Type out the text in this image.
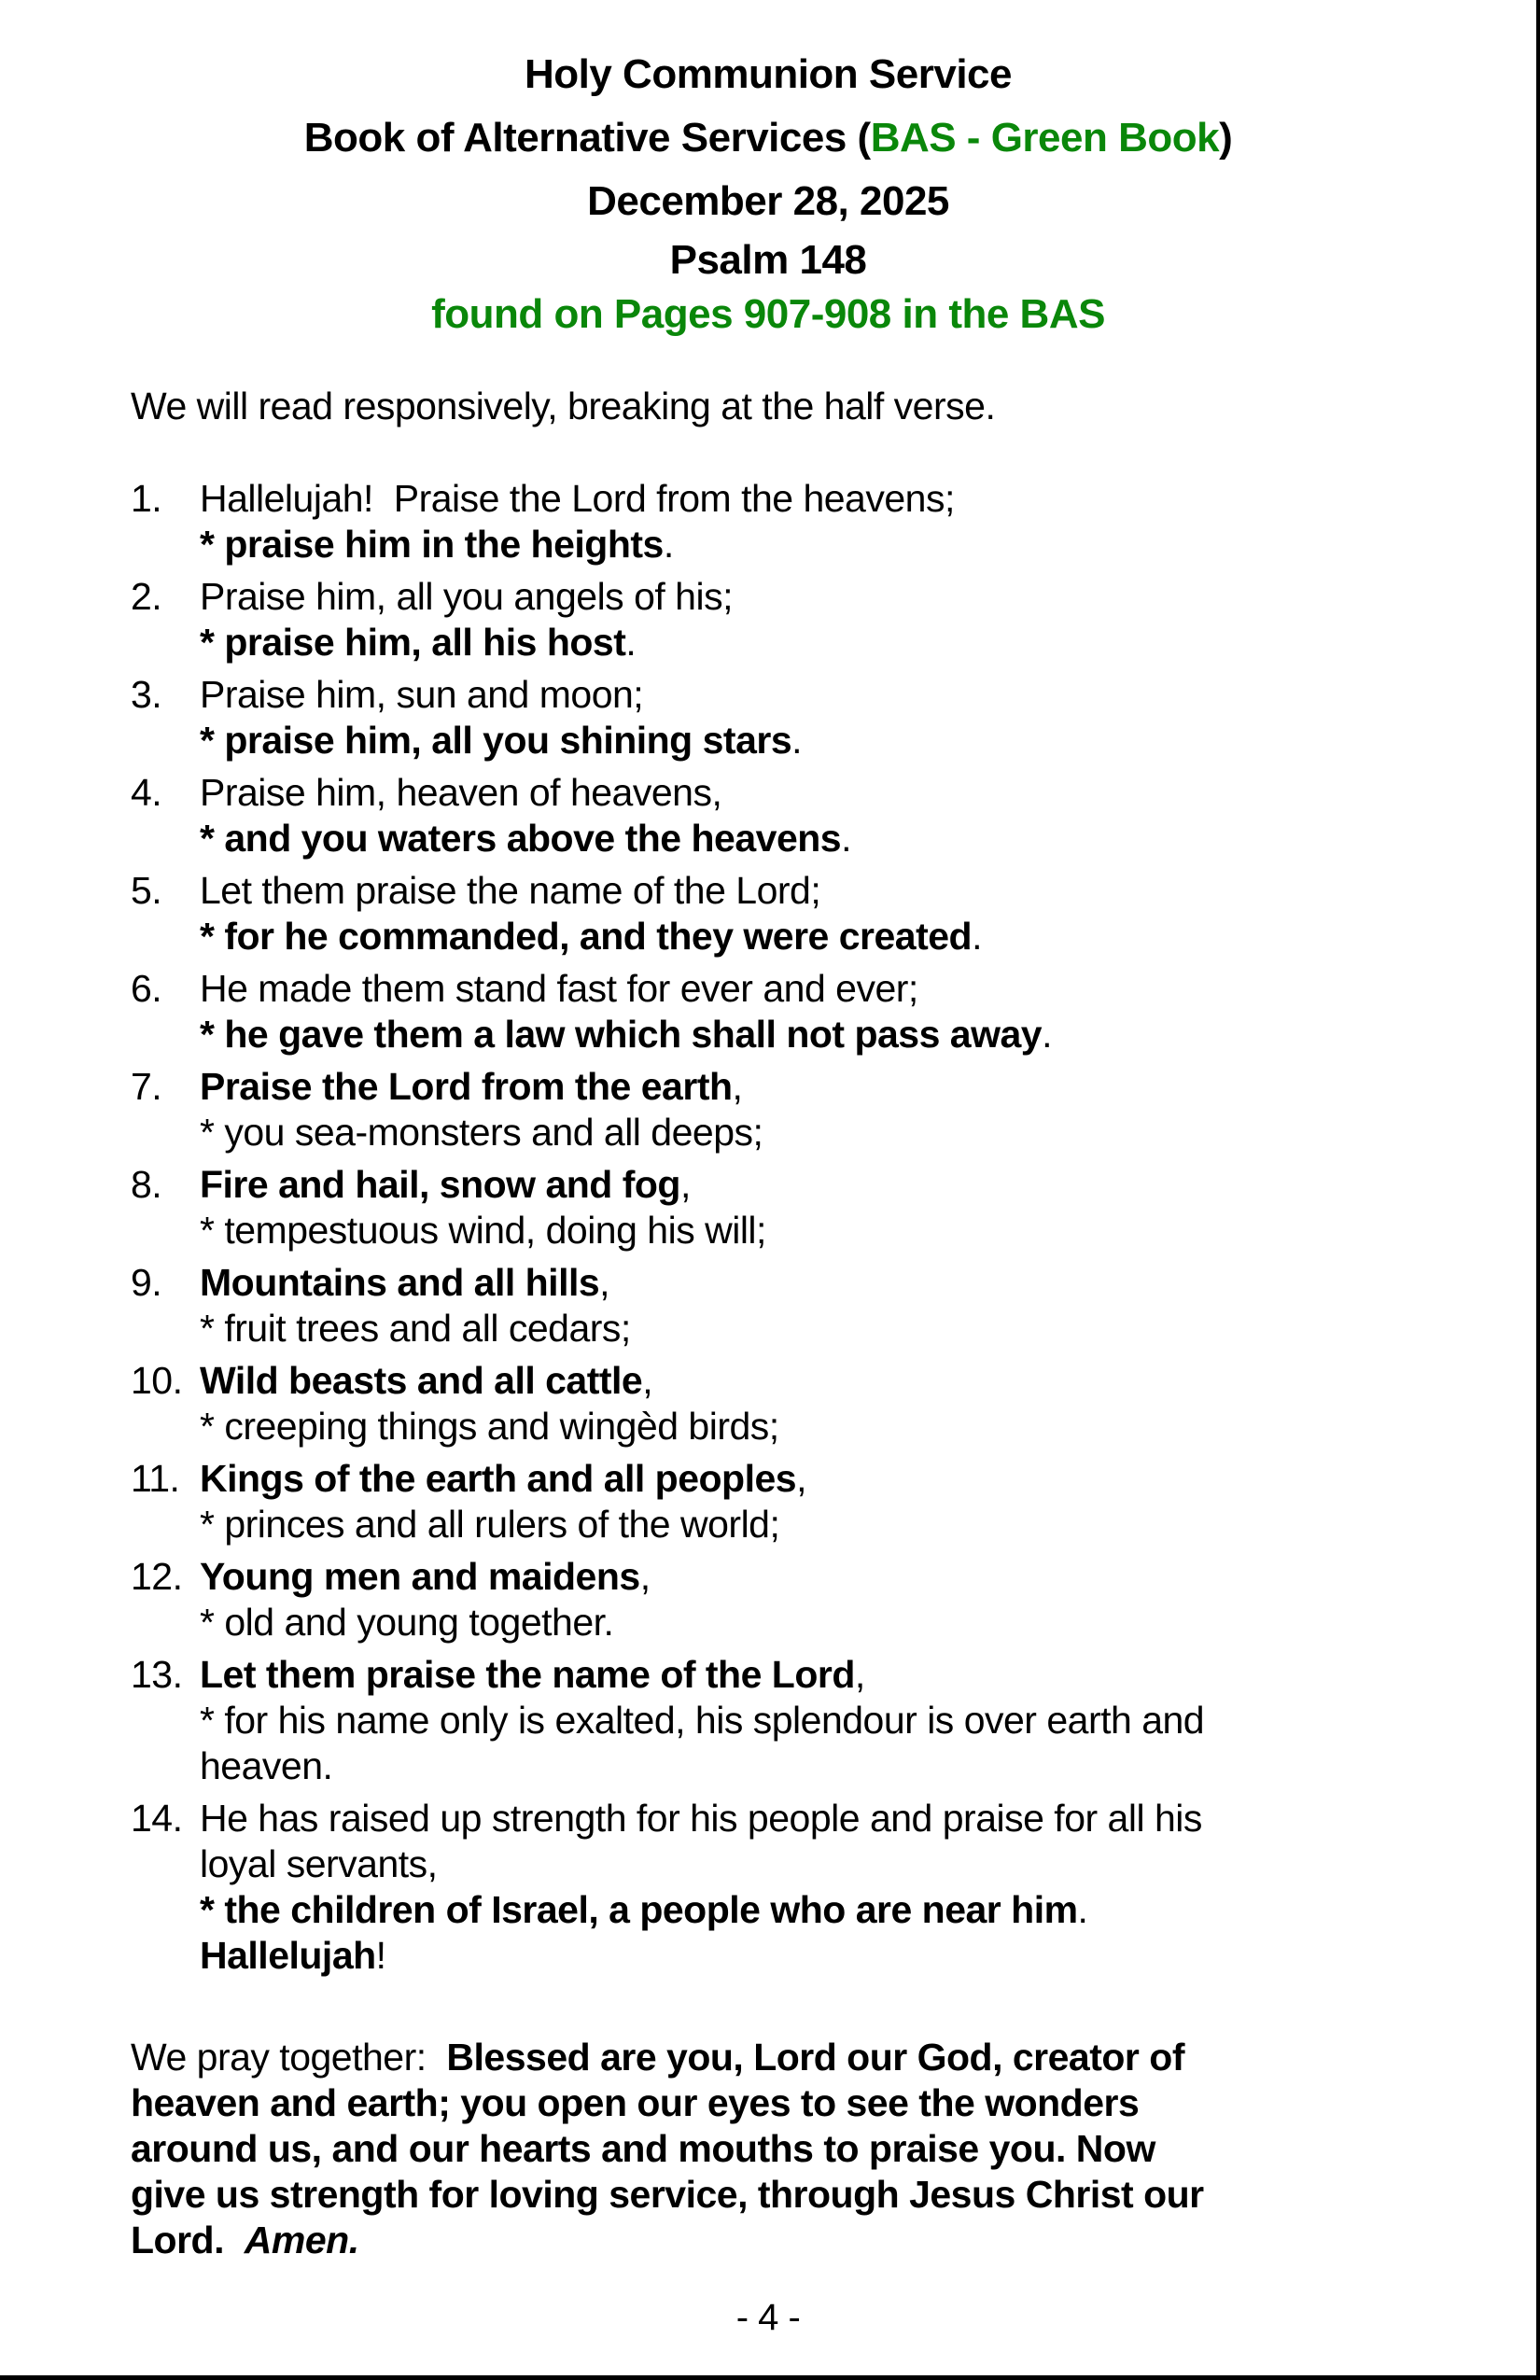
Holy Communion Service
Book of Alternative Services (BAS - Green Book)
December 28, 2025
Psalm 148
found on Pages 907-908 in the BAS

We will read responsively, breaking at the half verse.

1. Hallelujah!  Praise the Lord from the heavens;
* praise him in the heights.
2. Praise him, all you angels of his;
* praise him, all his host.
3. Praise him, sun and moon;
* praise him, all you shining stars.
4. Praise him, heaven of heavens,
* and you waters above the heavens.
5. Let them praise the name of the Lord;
* for he commanded, and they were created.
6. He made them stand fast for ever and ever;
* he gave them a law which shall not pass away.
7. Praise the Lord from the earth,
* you sea-monsters and all deeps;
8. Fire and hail, snow and fog,
* tempestuous wind, doing his will;
9. Mountains and all hills,
* fruit trees and all cedars;
10. Wild beasts and all cattle,
* creeping things and wingèd birds;
11. Kings of the earth and all peoples,
* princes and all rulers of the world;
12. Young men and maidens,
* old and young together.
13. Let them praise the name of the Lord,
* for his name only is exalted, his splendour is over earth and
heaven.
14. He has raised up strength for his people and praise for all his
loyal servants,
* the children of Israel, a people who are near him.
Hallelujah!
We pray together:  Blessed are you, Lord our God, creator of
heaven and earth; you open our eyes to see the wonders
around us, and our hearts and mouths to praise you. Now
give us strength for loving service, through Jesus Christ our
Lord. Amen.
- 4 -
